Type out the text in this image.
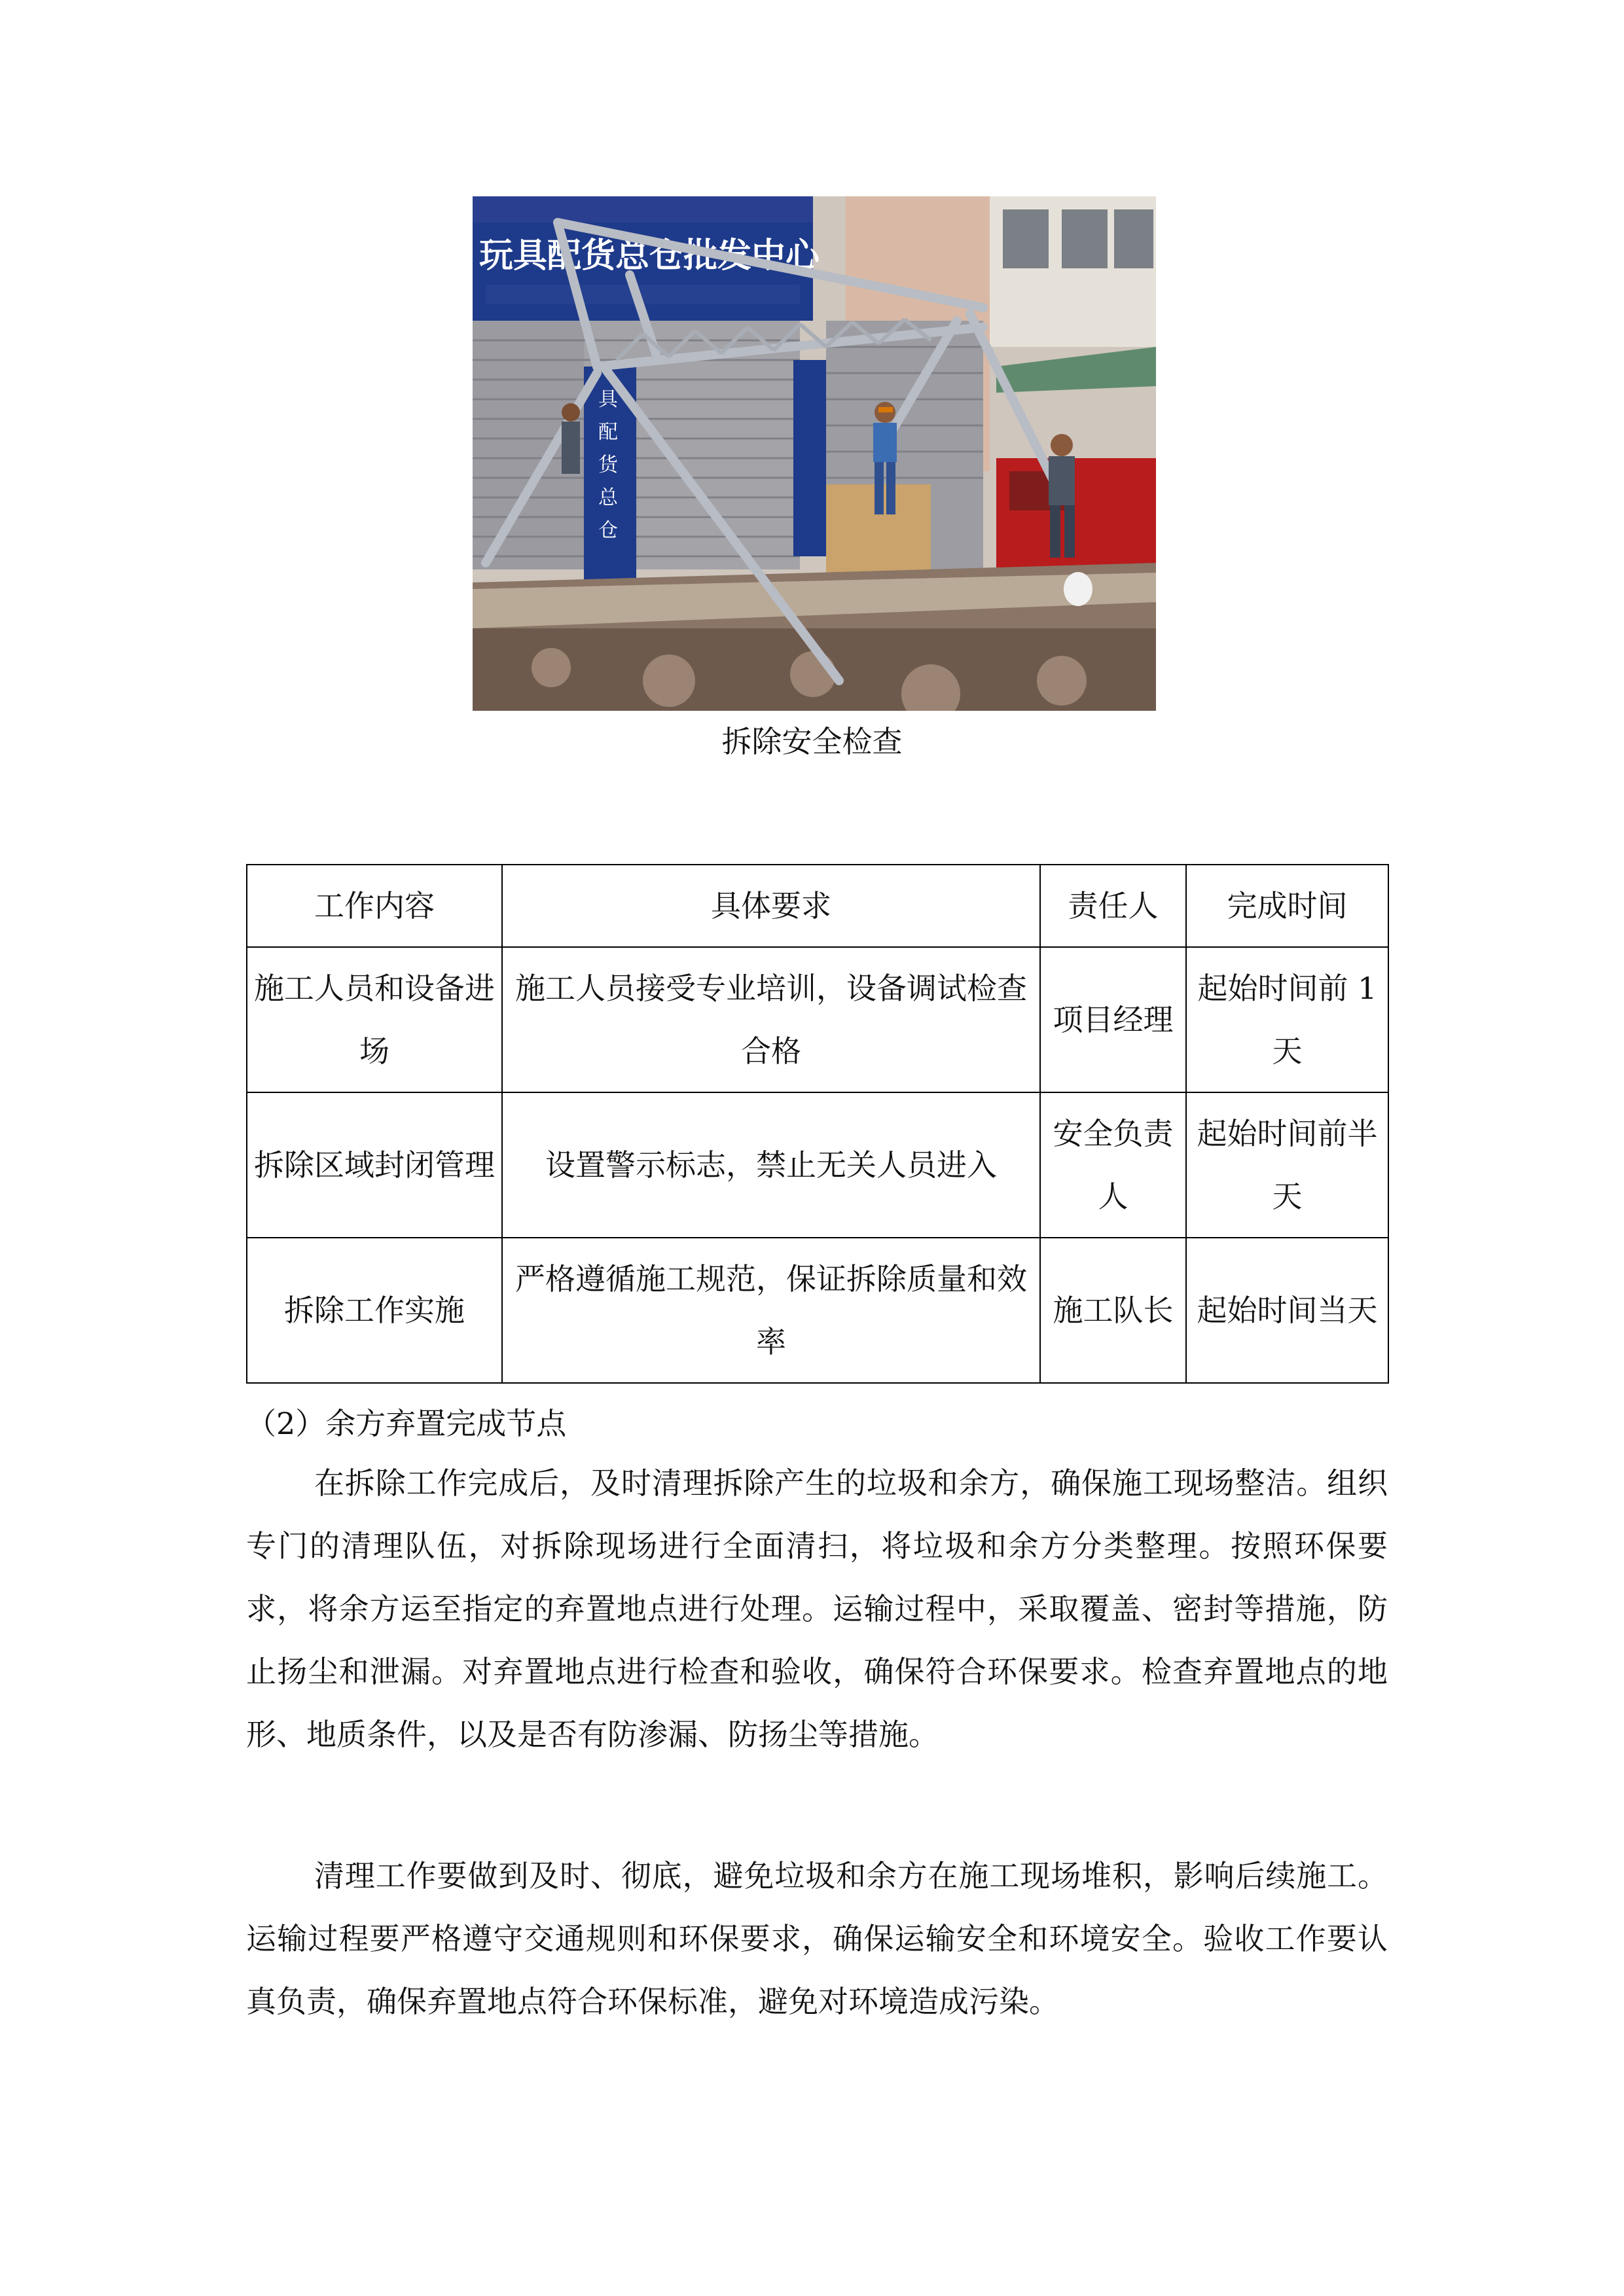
玩具配货总仓批发中心
具
配
货
总
仓
拆除安全检查
工作内容	具体要求	责任人	完成时间
施工人员和设备进场	施工人员接受专业培训，设备调试检查合格	项目经理	起始时间前 1 天
拆除区域封闭管理	设置警示标志，禁止无关人员进入	安全负责人	起始时间前半天
拆除工作实施	严格遵循施工规范，保证拆除质量和效率	施工队长	起始时间当天
（2）余方弃置完成节点

在拆除工作完成后，及时清理拆除产生的垃圾和余方，确保施工现场整洁。组织专门的清理队伍，对拆除现场进行全面清扫，将垃圾和余方分类整理。按照环保要求，将余方运至指定的弃置地点进行处理。运输过程中，采取覆盖、密封等措施，防止扬尘和泄漏。对弃置地点进行检查和验收，确保符合环保要求。检查弃置地点的地形、地质条件，以及是否有防渗漏、防扬尘等措施。

清理工作要做到及时、彻底，避免垃圾和余方在施工现场堆积，影响后续施工。运输过程要严格遵守交通规则和环保要求，确保运输安全和环境安全。验收工作要认真负责，确保弃置地点符合环保标准，避免对环境造成污染。
